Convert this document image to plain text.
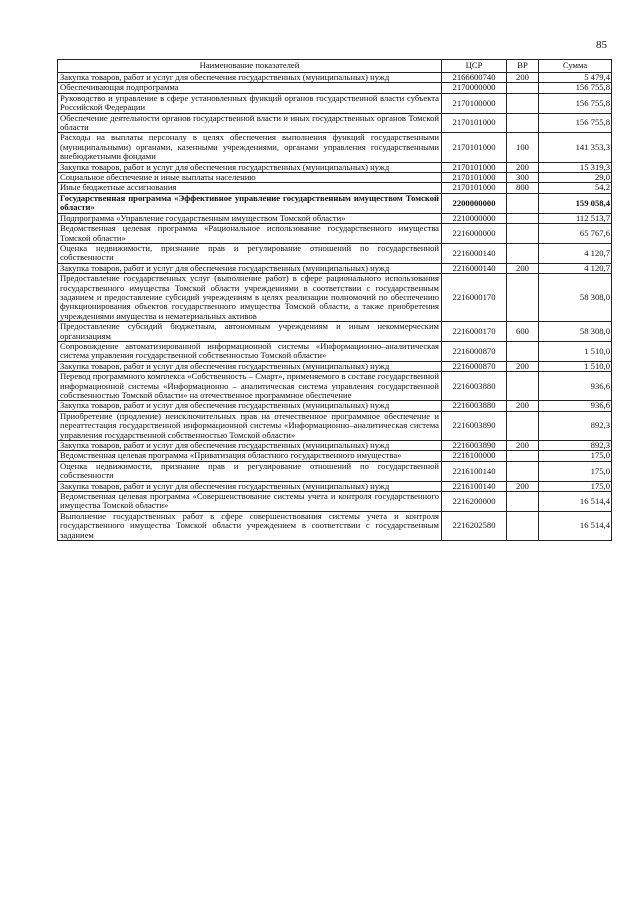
85
Наименование показателей	ЦСР	ВР	Сумма
Закупка товаров, работ и услуг для обеспечения государственных (муниципальных) нужд	2166600740	200	5 479,4
Обеспечивающая подпрограмма	2170000000		156 755,8
Руководство и управление в сфере установленных функций органов государственной власти субъекта Российской Федерации	2170100000		156 755,8
Обеспечение деятельности органов государственной власти и иных государственных органов Томской области	2170101000		156 755,8
Расходы на выплаты персоналу в целях обеспечения выполнения функций государственными (муниципальными) органами, казенными учреждениями, органами управления государственными внебюджетными фондами	2170101000	100	141 353,3
Закупка товаров, работ и услуг для обеспечения государственных (муниципальных) нужд	2170101000	200	15 319,3
Социальное обеспечение и иные выплаты населению	2170101000	300	29,0
Иные бюджетные ассигнования	2170101000	800	54,2
Государственная программа «Эффективное управление государственным имуществом Томской области»	2200000000		159 058,4
Подпрограмма «Управление государственным имуществом Томской области»	2210000000		112 513,7
Ведомственная целевая программа «Рациональное использование государственного имущества Томской области»	2216000000		65 767,6
Оценка недвижимости, признание прав и регулирование отношений по государственной собственности	2216000140		4 120,7
Закупка товаров, работ и услуг для обеспечения государственных (муниципальных) нужд	2216000140	200	4 120,7
Предоставление государственных услуг (выполнение работ) в сфере рационального использования государственного имущества Томской области учреждениями в соответствии с государственным заданием и предоставление субсидий учреждениям в целях реализации полномочий по обеспечению функционирования объектов государственного имущества Томской области, а также приобретения учреждениями имущества и нематериальных активов	2216000170		58 308,0
Предоставление субсидий бюджетным, автономным учреждениям и иным некоммерческим организациям	2216000170	600	58 308,0
Сопровождение автоматизированной информационной системы «Информационно–аналитическая система управления государственной собственностью Томской области»	2216000870		1 510,0
Закупка товаров, работ и услуг для обеспечения государственных (муниципальных) нужд	2216000870	200	1 510,0
Перевод программного комплекса «Собственность – Смарт», применяемого в составе государственной информационной системы «Информационно – аналитическая система управления государственной собственностью Томской области» на отечественное программное обеспечение	2216003880		936,6
Закупка товаров, работ и услуг для обеспечения государственных (муниципальных) нужд	2216003880	200	936,6
Приобретение (продление) неисключительных прав на отечественное программное обеспечение и переаттестация государственной информационной системы «Информационно–аналитическая система управления государственной собственностью Томской области»	2216003890		892,3
Закупка товаров, работ и услуг для обеспечения государственных (муниципальных) нужд	2216003890	200	892,3
Ведомственная целевая программа «Приватизация областного государственного имущества»	2216100000		175,0
Оценка недвижимости, признание прав и регулирование отношений по государственной собственности	2216100140		175,0
Закупка товаров, работ и услуг для обеспечения государственных (муниципальных) нужд	2216100140	200	175,0
Ведомственная целевая программа «Совершенствование системы учета и контроля государственного имущества Томской области»	2216200000		16 514,4
Выполнение государственных работ в сфере совершенствования системы учета и контроля государственного имущества Томской области учреждением в соответствии с государственным заданием	2216202580		16 514,4
